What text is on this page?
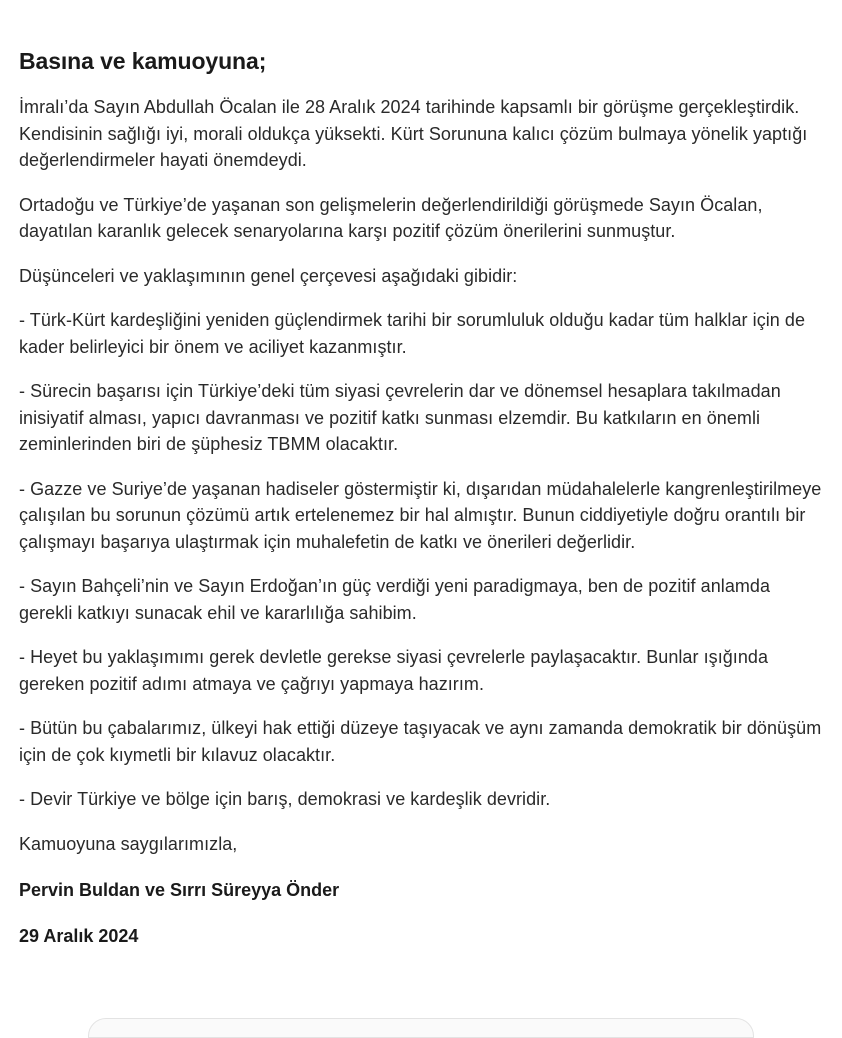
Basına ve kamuoyuna;

İmralı’da Sayın Abdullah Öcalan ile 28 Aralık 2024 tarihinde kapsamlı bir görüşme gerçekleştirdik. Kendisinin sağlığı iyi, morali oldukça yüksekti. Kürt Sorununa kalıcı çözüm bulmaya yönelik yaptığı değerlendirmeler hayati önemdeydi.

Ortadoğu ve Türkiye’de yaşanan son gelişmelerin değerlendirildiği görüşmede Sayın Öcalan, dayatılan karanlık gelecek senaryolarına karşı pozitif çözüm önerilerini sunmuştur.

Düşünceleri ve yaklaşımının genel çerçevesi aşağıdaki gibidir:

- Türk-Kürt kardeşliğini yeniden güçlendirmek tarihi bir sorumluluk olduğu kadar tüm halklar için de kader belirleyici bir önem ve aciliyet kazanmıştır.

- Sürecin başarısı için Türkiye’deki tüm siyasi çevrelerin dar ve dönemsel hesaplara takılmadan inisiyatif alması, yapıcı davranması ve pozitif katkı sunması elzemdir. Bu katkıların en önemli zeminlerinden biri de şüphesiz TBMM olacaktır.

- Gazze ve Suriye’de yaşanan hadiseler göstermiştir ki, dışarıdan müdahalelerle kangrenleştirilmeye çalışılan bu sorunun çözümü artık ertelenemez bir hal almıştır. Bunun ciddiyetiyle doğru orantılı bir çalışmayı başarıya ulaştırmak için muhalefetin de katkı ve önerileri değerlidir.

- Sayın Bahçeli’nin ve Sayın Erdoğan’ın güç verdiği yeni paradigmaya, ben de pozitif anlamda gerekli katkıyı sunacak ehil ve kararlılığa sahibim.

- Heyet bu yaklaşımımı gerek devletle gerekse siyasi çevrelerle paylaşacaktır. Bunlar ışığında gereken pozitif adımı atmaya ve çağrıyı yapmaya hazırım.

- Bütün bu çabalarımız, ülkeyi hak ettiği düzeye taşıyacak ve aynı zamanda demokratik bir dönüşüm için de çok kıymetli bir kılavuz olacaktır.

- Devir Türkiye ve bölge için barış, demokrasi ve kardeşlik devridir.

Kamuoyuna saygılarımızla,

Pervin Buldan ve Sırrı Süreyya Önder

29 Aralık 2024
